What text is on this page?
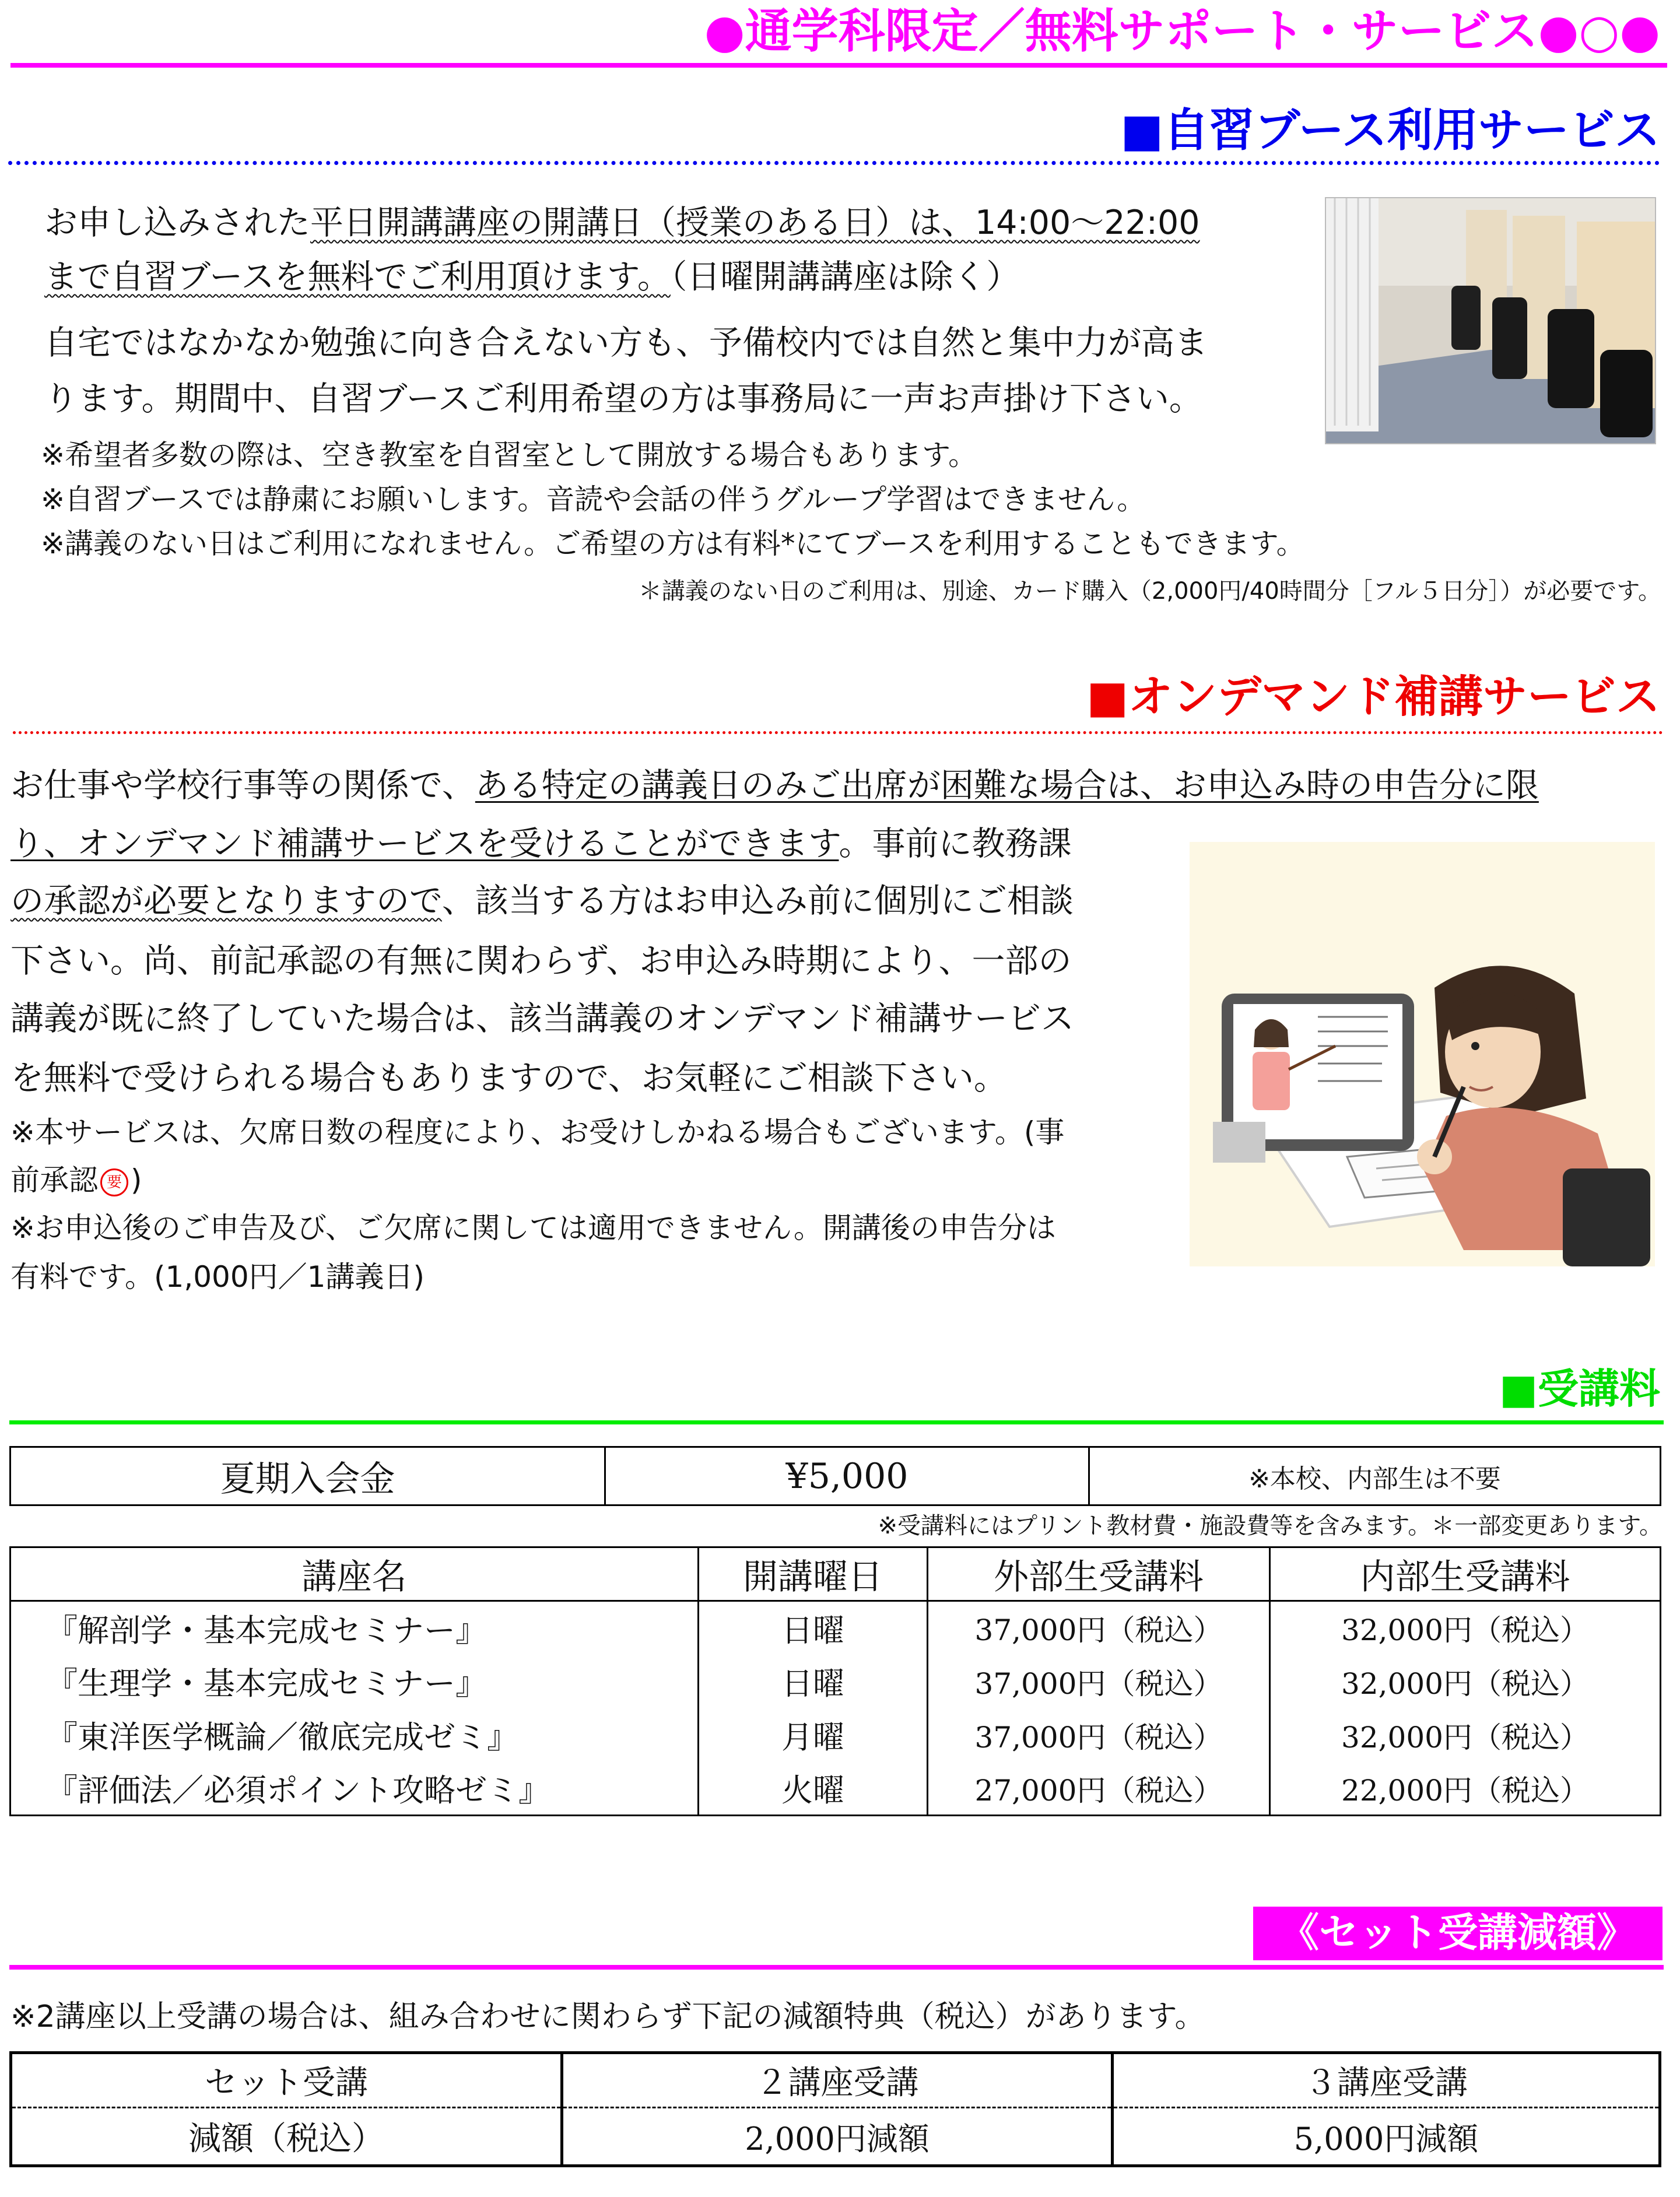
●通学科限定／無料サポート・サービス●○●
■自習ブース利用サービス
お申し込みされた平日開講講座の開講日（授業のある日）は、14:00～22:00
まで自習ブースを無料でご利用頂けます。（日曜開講講座は除く）
自宅ではなかなか勉強に向き合えない方も、予備校内では自然と集中力が高ま
ります。期間中、自習ブースご利用希望の方は事務局に一声お声掛け下さい。
※希望者多数の際は、空き教室を自習室として開放する場合もあります。
※自習ブースでは静粛にお願いします。音読や会話の伴うグループ学習はできません。
※講義のない日はご利用になれません。ご希望の方は有料*にてブースを利用することもできます。
＊講義のない日のご利用は、別途、カード購入（2,000円/40時間分［フル５日分］）が必要です。
■オンデマンド補講サービス
お仕事や学校行事等の関係で、ある特定の講義日のみご出席が困難な場合は、お申込み時の申告分に限
り、オンデマンド補講サービスを受けることができます。事前に教務課
の承認が必要となりますので、該当する方はお申込み前に個別にご相談
下さい。尚、前記承認の有無に関わらず、お申込み時期により、一部の
講義が既に終了していた場合は、該当講義のオンデマンド補講サービス
を無料で受けられる場合もありますので、お気軽にご相談下さい。
※本サービスは、欠席日数の程度により、お受けしかねる場合もございます。(事
前承認 要 )
※お申込後のご申告及び、ご欠席に関しては適用できません。開講後の申告分は
有料です。(1,000円／1講義日)
■受講料
夏期入会金	¥5,000	※本校、内部生は不要
※受講料にはプリント教材費・施設費等を含みます。＊一部変更あります。
講座名	開講曜日	外部生受講料	内部生受講料
『解剖学・基本完成セミナー』	日曜	37,000円（税込）	32,000円（税込）
『生理学・基本完成セミナー』	日曜	37,000円（税込）	32,000円（税込）
『東洋医学概論／徹底完成ゼミ』	月曜	37,000円（税込）	32,000円（税込）
『評価法／必須ポイント攻略ゼミ』	火曜	27,000円（税込）	22,000円（税込）
《セット受講減額》
※2講座以上受講の場合は、組み合わせに関わらず下記の減額特典（税込）があります。
セット受講	２講座受講	３講座受講
減額（税込）	2,000円減額	5,000円減額
